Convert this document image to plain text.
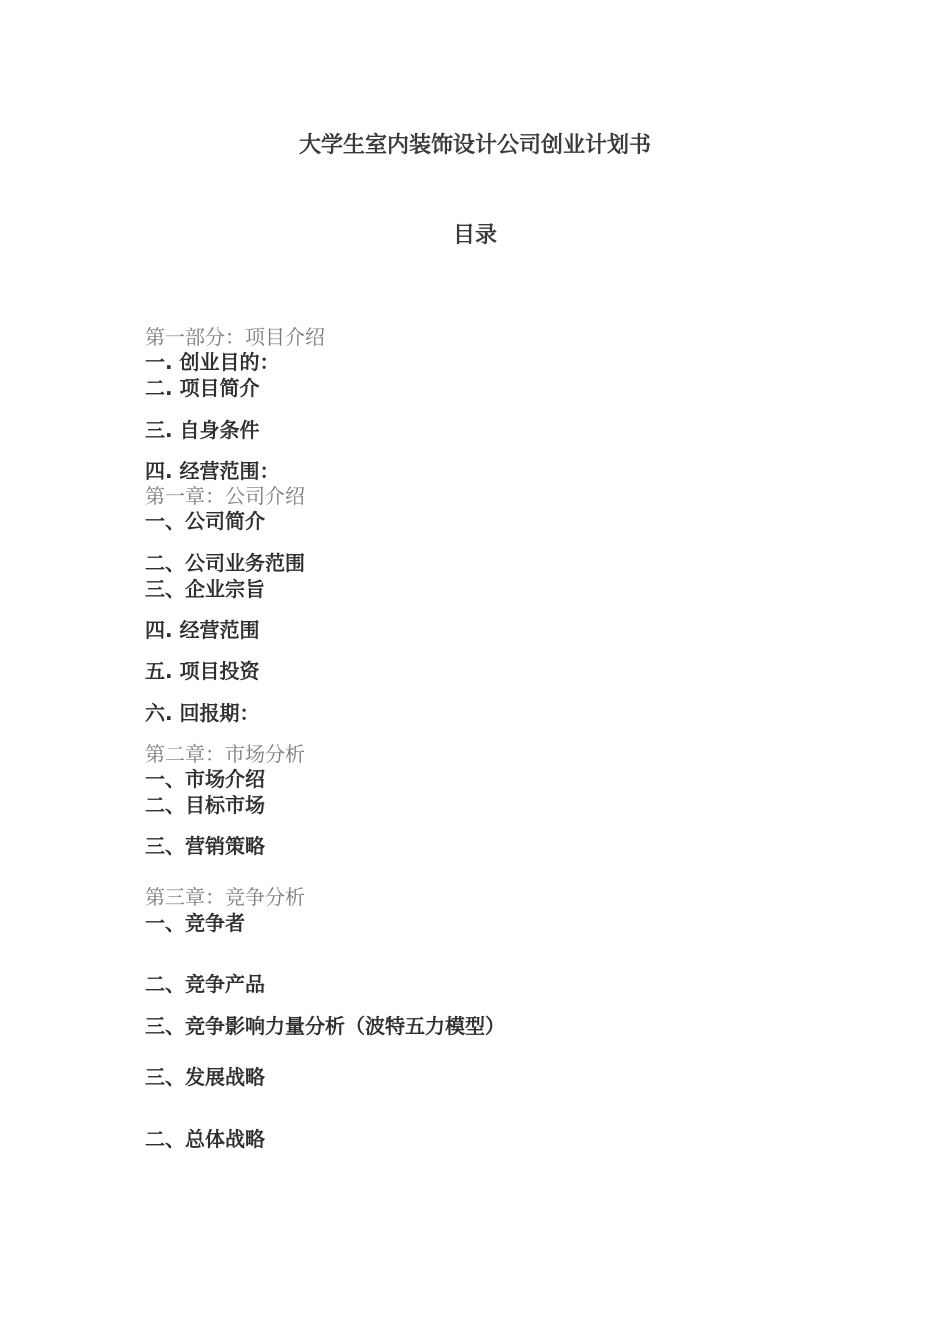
大学生室内装饰设计公司创业计划书
目录

第一部分：项目介绍

一. 创业目的：

二. 项目简介

三. 自身条件

四. 经营范围：

第一章：公司介绍

一、公司简介

二、公司业务范围

三、企业宗旨

四. 经营范围

五. 项目投资

六. 回报期：

第二章：市场分析

一、市场介绍

二、目标市场

三、营销策略

第三章：竞争分析

一、竞争者

二、竞争产品

三、竞争影响力量分析（波特五力模型）

三、发展战略

二、总体战略
